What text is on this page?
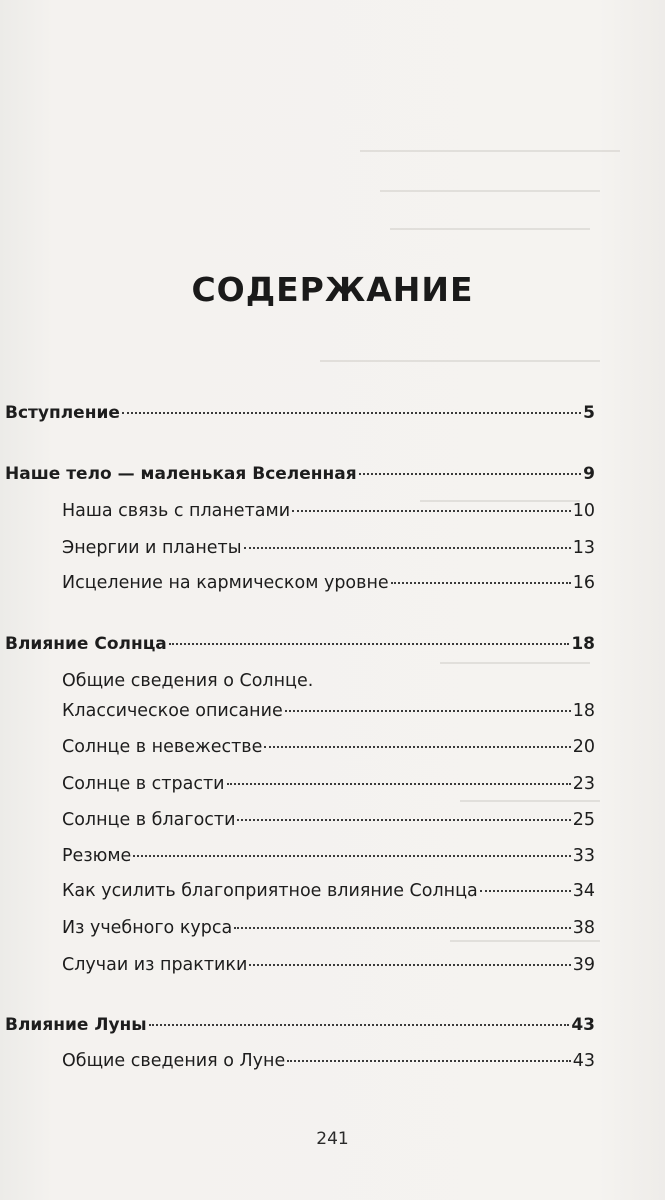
СОДЕРЖАНИЕ
Вступление	5
Наше тело — маленькая Вселенная	9
Наша связь с планетами	10
Энергии и планеты	13
Исцеление на кармическом уровне	16
Влияние Солнца	18
Общие сведения о Солнце.
Классическое описание	18
Солнце в невежестве	20
Солнце в страсти	23
Солнце в благости	25
Резюме	33
Как усилить благоприятное влияние Солнца	34
Из учебного курса	38
Случаи из практики	39
Влияние Луны	43
Общие сведения о Луне	43
241
